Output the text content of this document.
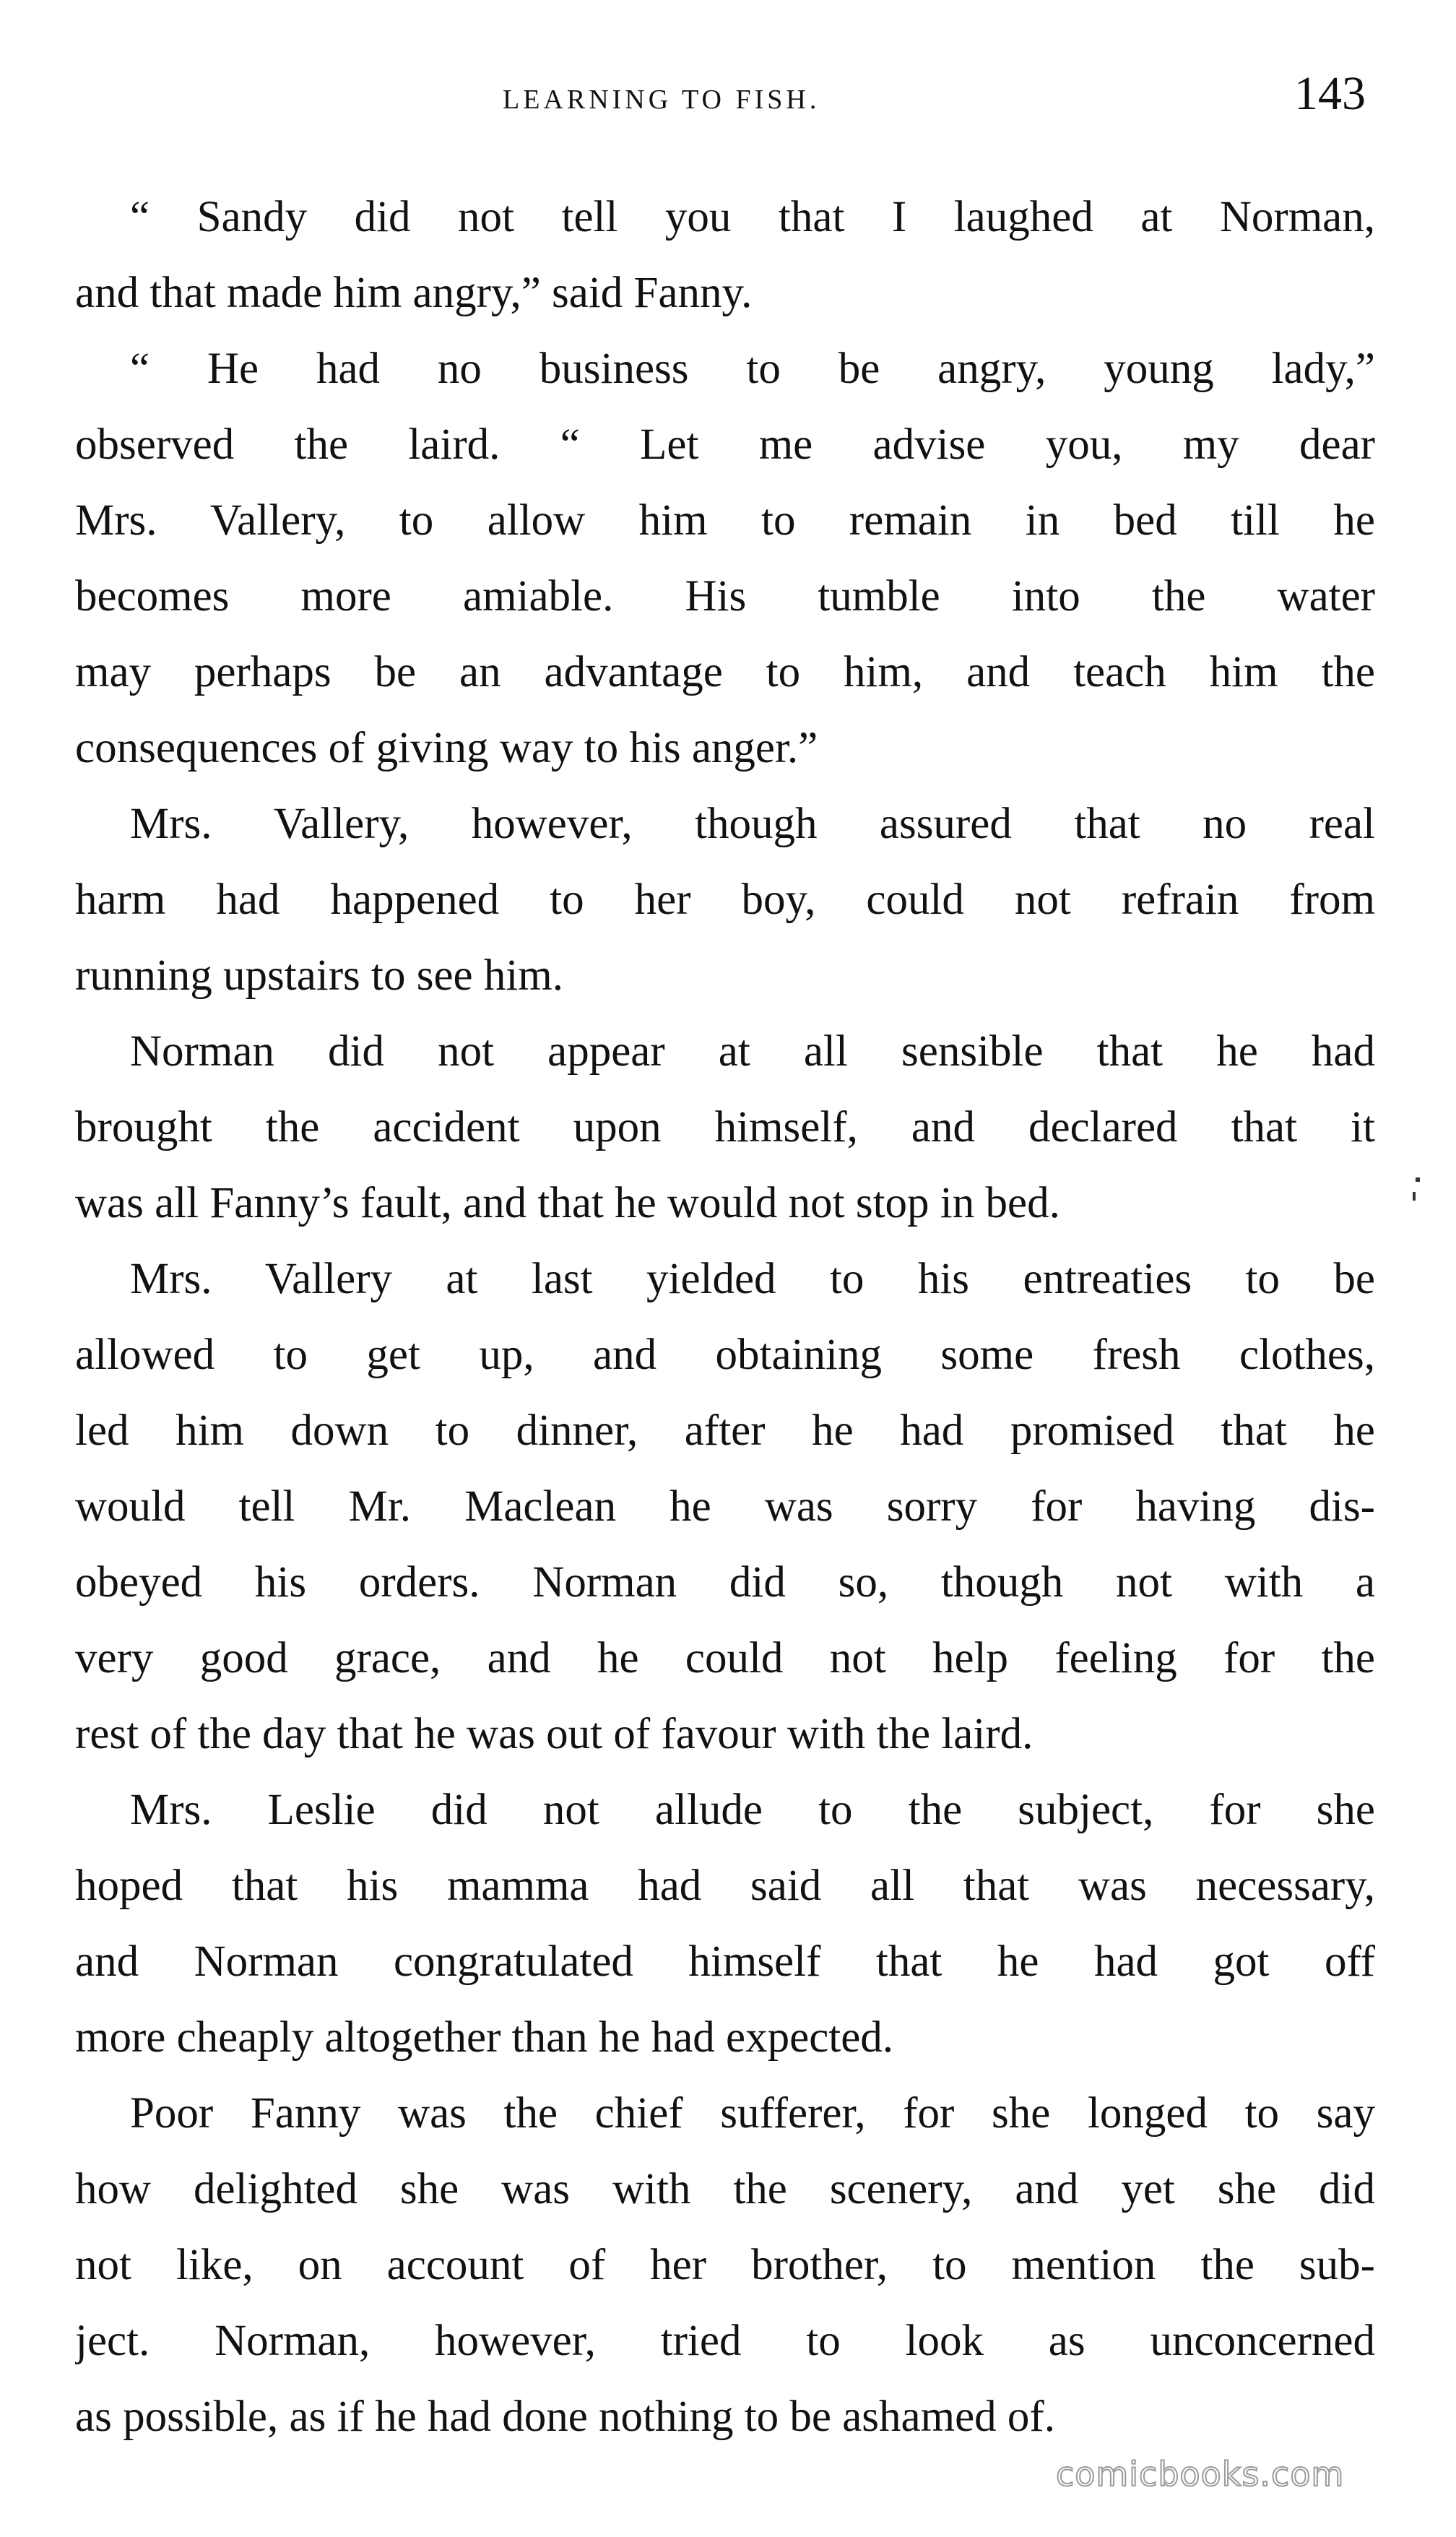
LEARNING TO FISH.	143

“ Sandy did not tell you that I laughed at Norman,
and that made him angry,” said Fanny.

“ He had no business to be angry, young lady,”
observed the laird. “ Let me advise you, my dear
Mrs. Vallery, to allow him to remain in bed till he
becomes more amiable. His tumble into the water
may perhaps be an advantage to him, and teach him the
consequences of giving way to his anger.”

Mrs. Vallery, however, though assured that no real
harm had happened to her boy, could not refrain from
running upstairs to see him.

Norman did not appear at all sensible that he had
brought the accident upon himself, and declared that it
was all Fanny’s fault, and that he would not stop in bed.

Mrs. Vallery at last yielded to his entreaties to be
allowed to get up, and obtaining some fresh clothes,
led him down to dinner, after he had promised that he
would tell Mr. Maclean he was sorry for having dis-
obeyed his orders. Norman did so, though not with a
very good grace, and he could not help feeling for the
rest of the day that he was out of favour with the laird.

Mrs. Leslie did not allude to the subject, for she
hoped that his mamma had said all that was necessary,
and Norman congratulated himself that he had got off
more cheaply altogether than he had expected.

Poor Fanny was the chief sufferer, for she longed to say
how delighted she was with the scenery, and yet she did
not like, on account of her brother, to mention the sub-
ject. Norman, however, tried to look as unconcerned
as possible, as if he had done nothing to be ashamed of.

comicbooks.com
